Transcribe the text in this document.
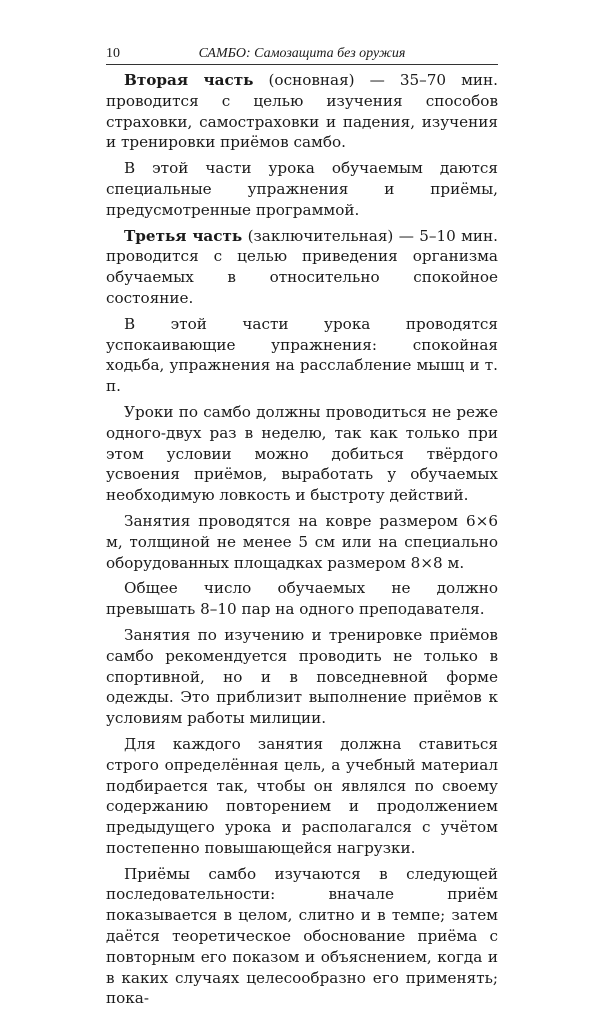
10	САМБО: Самозащита без оружия

Вторая часть (основная) — 35–70 мин. проводится с целью изучения способов страховки, самостраховки и падения, изучения и тренировки приёмов самбо.

В этой части урока обучаемым даются специальные упражнения и приёмы, предусмотренные программой.

Третья часть (заключительная) — 5–10 мин. проводится с целью приведения организма обучаемых в относительно спокойное состояние.

В этой части урока проводятся успокаивающие упражнения: спокойная ходьба, упражнения на расслабление мышц и т. п.

Уроки по самбо должны проводиться не реже одного-двух раз в неделю, так как только при этом условии можно добиться твёрдого усвоения приёмов, выработать у обучаемых необходимую ловкость и быстроту действий.

Занятия проводятся на ковре размером 6×6 м, толщиной не менее 5 см или на специально оборудованных площадках размером 8×8 м.

Общее число обучаемых не должно превышать 8–10 пар на одного преподавателя.

Занятия по изучению и тренировке приёмов самбо рекомендуется проводить не только в спортивной, но и в повседневной форме одежды. Это приблизит выполнение приёмов к условиям работы милиции.

Для каждого занятия должна ставиться строго определённая цель, а учебный материал подбирается так, чтобы он являлся по своему содержанию повторением и продолжением предыдущего урока и располагался с учётом постепенно повышающейся нагрузки.

Приёмы самбо изучаются в следующей последовательности: вначале приём показывается в целом, слитно и в темпе; затем даётся теоретическое обоснование приёма с повторным его показом и объяснением, когда и в каких случаях целесообразно его применять; пока-
